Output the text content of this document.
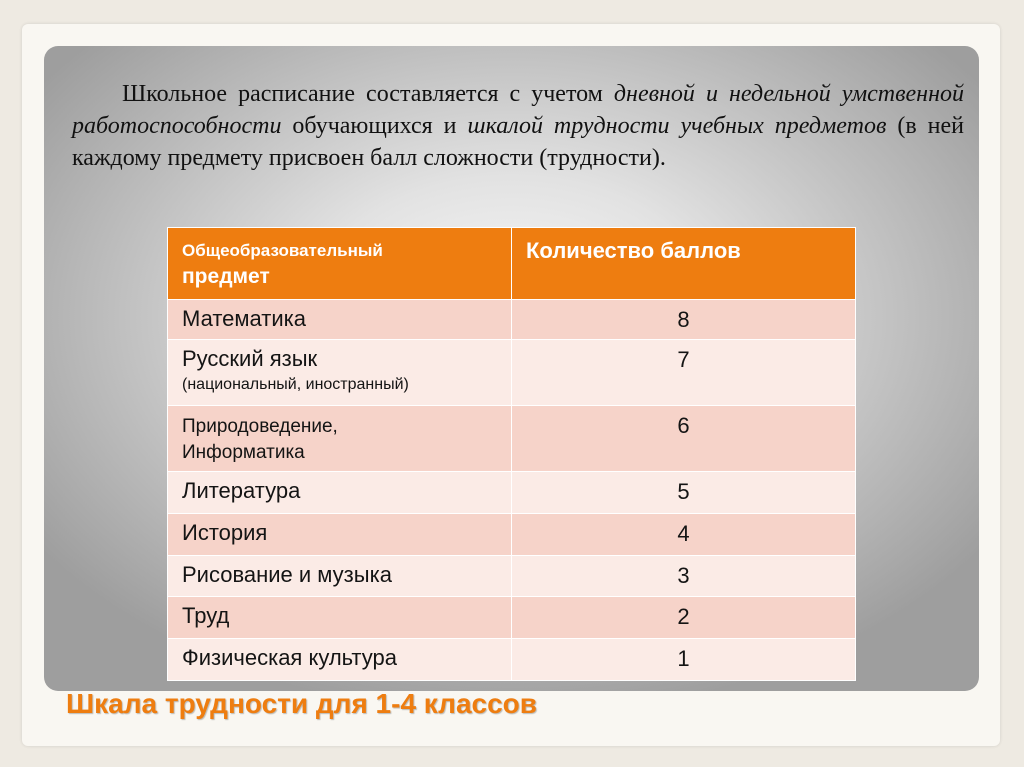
Школьное расписание составляется с учетом дневной и недельной умственной работоспособности обучающихся и шкалой трудности учебных предметов (в ней каждому предмету присвоен балл сложности (трудности).

Общеобразовательный
предмет	Количество баллов
Математика	8
Русский язык
(национальный, иностранный)	7
Природоведение,
Информатика	6
Литература	5
История	4
Рисование и музыка	3
Труд	2
Физическая культура	1
Шкала трудности для 1-4 классов
